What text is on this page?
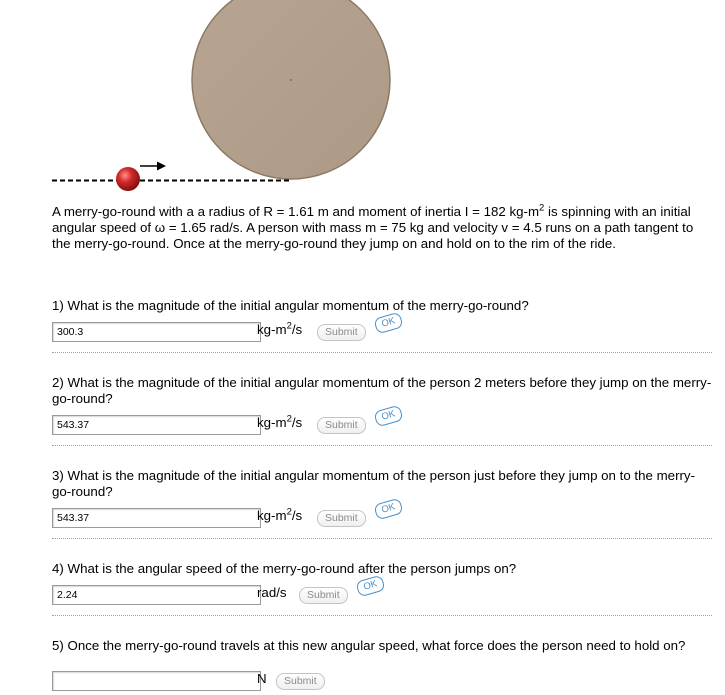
A merry-go-round with a a radius of R = 1.61 m and moment of inertia I = 182 $kg-m^2$ is spinning with an initial angular speed of ω = 1.65 rad/s. A person with mass m = 75 kg and velocity v = 4.5 runs on a path tangent to the merry-go-round. Once at the merry-go-round they jump on and hold on to the rim of the ride.
1) What is the magnitude of the initial angular momentum of the merry-go-round?
300.3	$kg-m^2/s$	Submit
OK
2) What is the magnitude of the initial angular momentum of the person 2 meters before they jump on the merry-go-round?
543.37	$kg-m^2/s$	Submit
OK
3) What is the magnitude of the initial angular momentum of the person just before they jump on to the merry-go-round?
543.37	$kg-m^2/s$	Submit
OK
4) What is the angular speed of the merry-go-round after the person jumps on?
2.24	rad/s	Submit
OK
5) Once the merry-go-round travels at this new angular speed, what force does the person need to hold on?
N	Submit
